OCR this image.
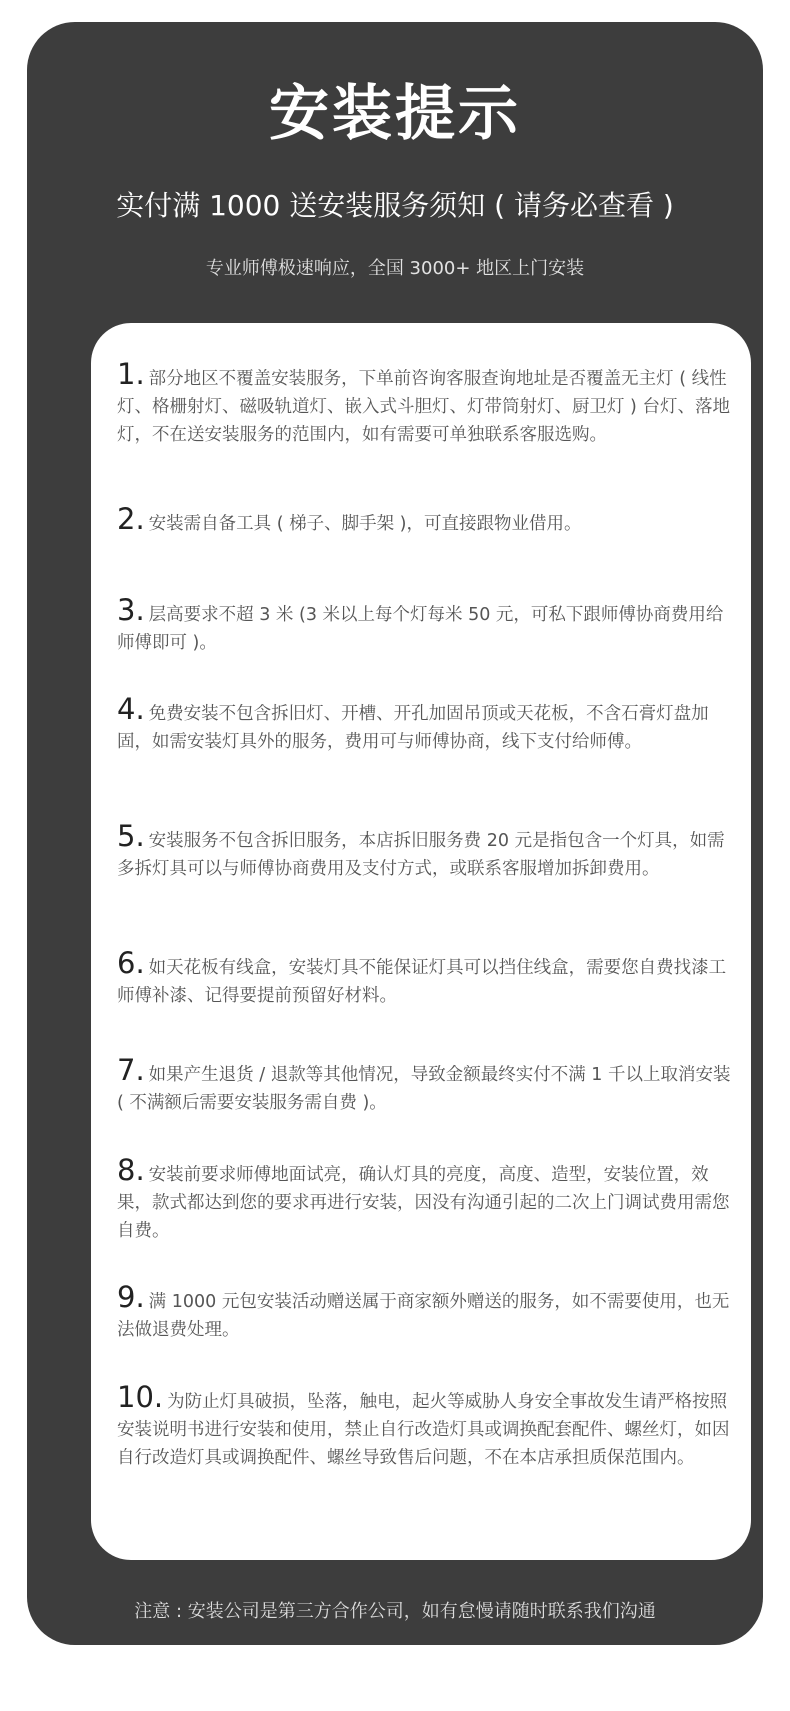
安装提示
实付满 1000 送安装服务须知 ( 请务必查看 )
专业师傅极速响应，全国 3000+ 地区上门安装
1. 部分地区不覆盖安装服务，下单前咨询客服查询地址是否覆盖无主灯 ( 线性灯、格栅射灯、磁吸轨道灯、嵌入式斗胆灯、灯带筒射灯、厨卫灯 ) 台灯、落地灯，不在送安装服务的范围内，如有需要可单独联系客服选购。
2. 安装需自备工具 ( 梯子、脚手架 )，可直接跟物业借用。
3. 层高要求不超 3 米 (3 米以上每个灯每米 50 元，可私下跟师傅协商费用给师傅即可 )。
4. 免费安装不包含拆旧灯、开槽、开孔加固吊顶或天花板，不含石膏灯盘加固，如需安装灯具外的服务，费用可与师傅协商，线下支付给师傅。
5. 安装服务不包含拆旧服务，本店拆旧服务费 20 元是指包含一个灯具，如需多拆灯具可以与师傅协商费用及支付方式，或联系客服增加拆卸费用。
6. 如天花板有线盒，安装灯具不能保证灯具可以挡住线盒，需要您自费找漆工师傅补漆、记得要提前预留好材料。
7. 如果产生退货 / 退款等其他情况，导致金额最终实付不满 1 千以上取消安装 ( 不满额后需要安装服务需自费 )。
8. 安装前要求师傅地面试亮，确认灯具的亮度，高度、造型，安装位置，效果，款式都达到您的要求再进行安装，因没有沟通引起的二次上门调试费用需您自费。
9. 满 1000 元包安装活动赠送属于商家额外赠送的服务，如不需要使用，也无法做退费处理。
10. 为防止灯具破损，坠落，触电，起火等威胁人身安全事故发生请严格按照安装说明书进行安装和使用，禁止自行改造灯具或调换配套配件、螺丝灯，如因自行改造灯具或调换配件、螺丝导致售后问题，不在本店承担质保范围内。
注意 : 安装公司是第三方合作公司，如有怠慢请随时联系我们沟通
